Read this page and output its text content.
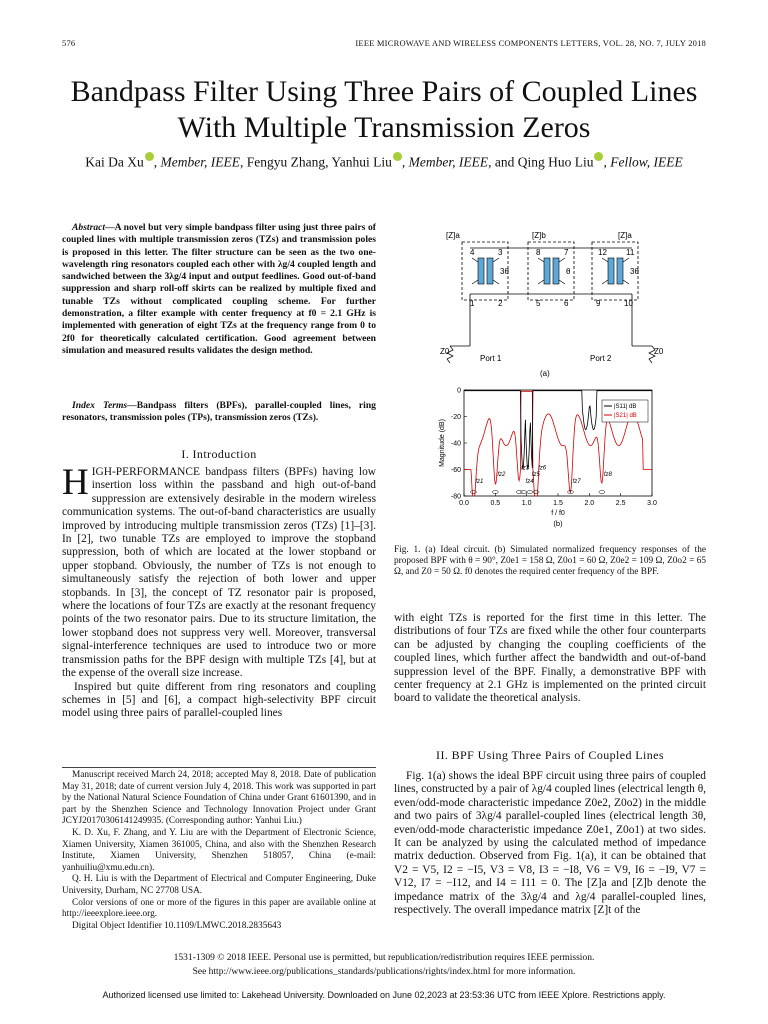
576	IEEE MICROWAVE AND WIRELESS COMPONENTS LETTERS, VOL. 28, NO. 7, JULY 2018
Bandpass Filter Using Three Pairs of Coupled Lines With Multiple Transmission Zeros
Kai Da Xu , Member, IEEE, Fengyu Zhang, Yanhui Liu , Member, IEEE, and Qing Huo Liu , Fellow, IEEE
Abstract—A novel but very simple bandpass filter using just three pairs of coupled lines with multiple transmission zeros (TZs) and transmission poles is proposed in this letter. The filter structure can be seen as the two one-wavelength ring resonators coupled each other with λg/4 coupled length and sandwiched between the 3λg/4 input and output feedlines. Good out-of-band suppression and sharp roll-off skirts can be realized by multiple fixed and tunable TZs without complicated coupling scheme. For further demonstration, a filter example with center frequency at f0 = 2.1 GHz is implemented with generation of eight TZs at the frequency range from 0 to 2f0 for theoretically calculated certification. Good agreement between simulation and measured results validates the design method.
Index Terms—Bandpass filters (BPFs), parallel-coupled lines, ring resonators, transmission poles (TPs), transmission zeros (TZs).
I. Introduction

HIGH-PERFORMANCE bandpass filters (BPFs) having low insertion loss within the passband and high out-of-band suppression are extensively desirable in the modern wireless communication systems. The out-of-band characteristics are usually improved by introducing multiple transmission zeros (TZs) [1]–[3]. In [2], two tunable TZs are employed to improve the stopband suppression, both of which are located at the lower stopband or upper stopband. Obviously, the number of TZs is not enough to simultaneously satisfy the rejection of both lower and upper stopbands. In [3], the concept of TZ resonator pair is proposed, where the locations of four TZs are exactly at the resonant frequency points of the two resonator pairs. Due to its structure limitation, the lower stopband does not suppress very well. Moreover, transversal signal-interference techniques are used to introduce two or more transmission paths for the BPF design with multiple TZs [4], but at the expense of the overall size increase.

Inspired but quite different from ring resonators and coupling schemes in [5] and [6], a compact high-selectivity BPF circuit model using three pairs of parallel-coupled lines

Manuscript received March 24, 2018; accepted May 8, 2018. Date of publication May 31, 2018; date of current version July 4, 2018. This work was supported in part by the National Natural Science Foundation of China under Grant 61601390, and in part by the Shenzhen Science and Technology Innovation Project under Grant JCYJ20170306141249935. (Corresponding author: Yanhui Liu.)

K. D. Xu, F. Zhang, and Y. Liu are with the Department of Electronic Science, Xiamen University, Xiamen 361005, China, and also with the Shenzhen Research Institute, Xiamen University, Shenzhen 518057, China (e-mail: yanhuiliu@xmu.edu.cn).

Q. H. Liu is with the Department of Electrical and Computer Engineering, Duke University, Durham, NC 27708 USA.

Color versions of one or more of the figures in this paper are available online at http://ieeexplore.ieee.org.

Digital Object Identifier 10.1109/LMWC.2018.2835643

[Z]a	[Z]b	[Z]a
4	3	8	7	12 11
1	2	5	6	9	10
3θ	θ	3θ
Port 1	Port 2
Z0	Z0
(a)
0.0	0.5	1.0	1.5	2.0	2.5	3.0
0
-20
-40
-60
-80
Magnitude (dB)
f / f0
|S11| dB
|S21| dB
fz1
fz2
fz3
fz4
fz5
fz6
fz7
fz8
(b)
Fig. 1. (a) Ideal circuit. (b) Simulated normalized frequency responses of the proposed BPF with θ = 90°, Z0e1 = 158 Ω, Z0o1 = 60 Ω, Z0e2 = 109 Ω, Z0o2 = 65 Ω, and Z0 = 50 Ω. f0 denotes the required center frequency of the BPF.

with eight TZs is reported for the first time in this letter. The distributions of four TZs are fixed while the other four counterparts can be adjusted by changing the coupling coefficients of the coupled lines, which further affect the bandwidth and out-of-band suppression level of the BPF. Finally, a demonstrative BPF with center frequency at 2.1 GHz is implemented on the printed circuit board to validate the theoretical analysis.

II. BPF Using Three Pairs of Coupled Lines

Fig. 1(a) shows the ideal BPF circuit using three pairs of coupled lines, constructed by a pair of λg/4 coupled lines (electrical length θ, even/odd-mode characteristic impedance Z0e2, Z0o2) in the middle and two pairs of 3λg/4 parallel-coupled lines (electrical length 3θ, even/odd-mode characteristic impedance Z0e1, Z0o1) at two sides. It can be analyzed by using the calculated method of impedance matrix deduction. Observed from Fig. 1(a), it can be obtained that V2 = V5, I2 = −I5, V3 = V8, I3 = −I8, V6 = V9, I6 = −I9, V7 = V12, I7 = −I12, and I4 = I11 = 0. The [Z]a and [Z]b denote the impedance matrix of the 3λg/4 and λg/4 parallel-coupled lines, respectively. The overall impedance matrix [Z]t of the

1531-1309 © 2018 IEEE. Personal use is permitted, but republication/redistribution requires IEEE permission.
See http://www.ieee.org/publications_standards/publications/rights/index.html for more information.
Authorized licensed use limited to: Lakehead University. Downloaded on June 02,2023 at 23:53:36 UTC from IEEE Xplore. Restrictions apply.
